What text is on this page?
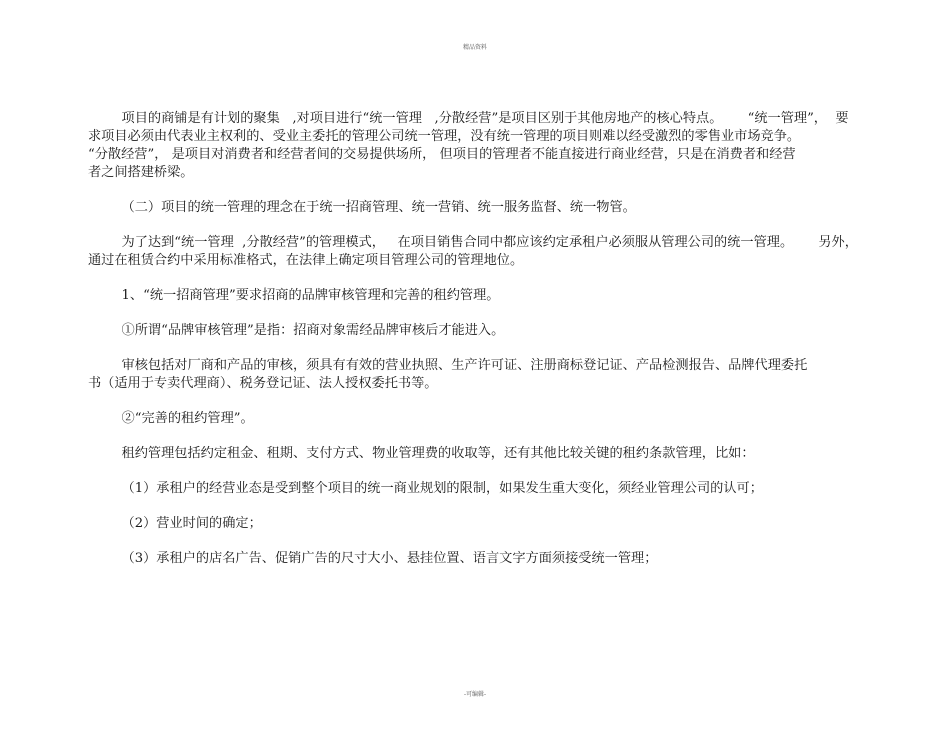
精品资料
项目的商铺是有计划的聚集   ,对项目进行“统一管理   ,分散经营”是项目区别于其他房地产的核心特点。      “统一管理”，  要
求项目必须由代表业主权利的、受业主委托的管理公司统一管理，没有统一管理的项目则难以经受激烈的零售业市场竞争。
“分散经营”， 是项目对消费者和经营者间的交易提供场所， 但项目的管理者不能直接进行商业经营，只是在消费者和经营
者之间搭建桥梁。
（二）项目的统一管理的理念在于统一招商管理、统一营销、统一服务监督、统一物管。
为了达到“统一管理  ,分散经营”的管理模式，   在项目销售合同中都应该约定承租户必须服从管理公司的统一管理。      另外，
通过在租赁合约中采用标准格式，在法律上确定项目管理公司的管理地位。
1、“统一招商管理”要求招商的品牌审核管理和完善的租约管理。
①所谓“品牌审核管理”是指：招商对象需经品牌审核后才能进入。
审核包括对厂商和产品的审核，须具有有效的营业执照、生产许可证、注册商标登记证、产品检测报告、品牌代理委托
书（适用于专卖代理商）、税务登记证、法人授权委托书等。
②“完善的租约管理”。
租约管理包括约定租金、租期、支付方式、物业管理费的收取等，还有其他比较关键的租约条款管理，比如：
（1）承租户的经营业态是受到整个项目的统一商业规划的限制，如果发生重大变化，须经业管理公司的认可；
（2）营业时间的确定；
（3）承租户的店名广告、促销广告的尺寸大小、悬挂位置、语言文字方面须接受统一管理；
-可编辑-
